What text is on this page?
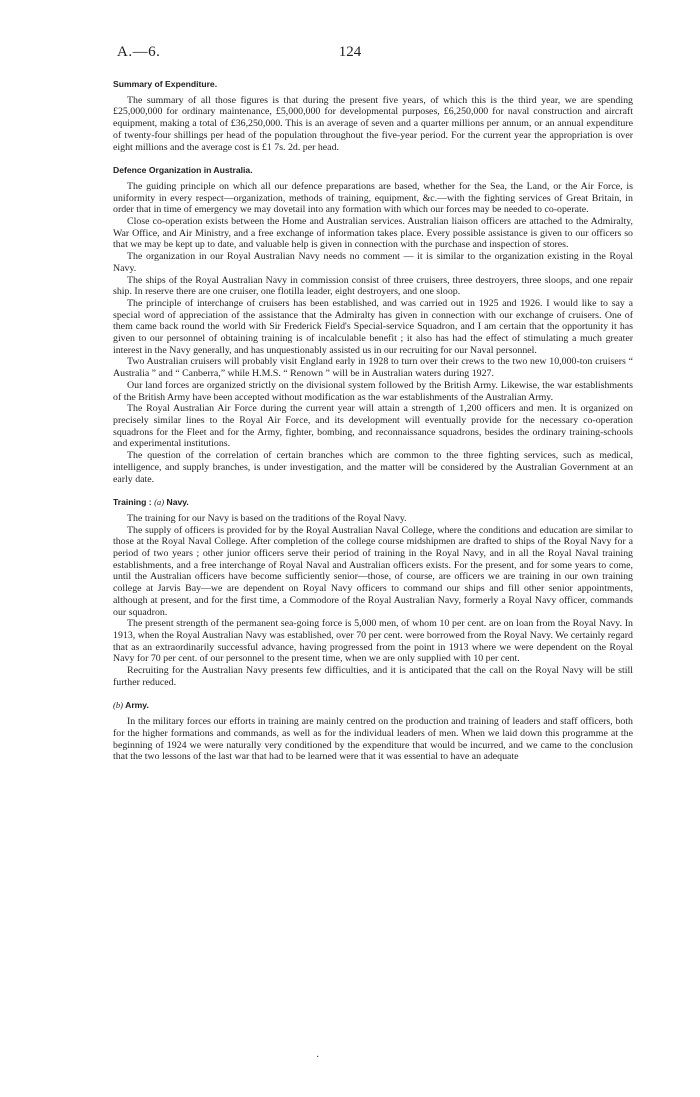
A.—6.	124
Summary of Expenditure.

The summary of all those figures is that during the present five years, of which this is the third year, we are spending £25,000,000 for ordinary maintenance, £5,000,000 for developmental purposes, £6,250,000 for naval construction and aircraft equipment, making a total of £36,250,000. This is an average of seven and a quarter millions per annum, or an annual expenditure of twenty-four shillings per head of the population throughout the five-year period. For the current year the appropriation is over eight millions and the average cost is £1 7s. 2d. per head.

Defence Organization in Australia.

The guiding principle on which all our defence preparations are based, whether for the Sea, the Land, or the Air Force, is uniformity in every respect—organization, methods of training, equipment, &c.—with the fighting services of Great Britain, in order that in time of emergency we may dovetail into any formation with which our forces may be needed to co-operate.

Close co-operation exists between the Home and Australian services. Australian liaison officers are attached to the Admiralty, War Office, and Air Ministry, and a free exchange of information takes place. Every possible assistance is given to our officers so that we may be kept up to date, and valuable help is given in connection with the purchase and inspection of stores.

The organization in our Royal Australian Navy needs no comment — it is similar to the organization existing in the Royal Navy.

The ships of the Royal Australian Navy in commission consist of three cruisers, three destroyers, three sloops, and one repair ship. In reserve there are one cruiser, one flotilla leader, eight destroyers, and one sloop.

The principle of interchange of cruisers has been established, and was carried out in 1925 and 1926. I would like to say a special word of appreciation of the assistance that the Admiralty has given in connection with our exchange of cruisers. One of them came back round the world with Sir Frederick Field's Special-service Squadron, and I am certain that the opportunity it has given to our personnel of obtaining training is of incalculable benefit ; it also has had the effect of stimulating a much greater interest in the Navy generally, and has unquestionably assisted us in our recruiting for our Naval personnel.

Two Australian cruisers will probably visit England early in 1928 to turn over their crews to the two new 10,000-ton cruisers “ Australia ” and “ Canberra,” while H.M.S. “ Renown ” will be in Australian waters during 1927.

Our land forces are organized strictly on the divisional system followed by the British Army. Likewise, the war establishments of the British Army have been accepted without modification as the war establishments of the Australian Army.

The Royal Australian Air Force during the current year will attain a strength of 1,200 officers and men. It is organized on precisely similar lines to the Royal Air Force, and its development will eventually provide for the necessary co-operation squadrons for the Fleet and for the Army, fighter, bombing, and reconnaissance squadrons, besides the ordinary training-schools and experimental institutions.

The question of the correlation of certain branches which are common to the three fighting services, such as medical, intelligence, and supply branches, is under investigation, and the matter will be considered by the Australian Government at an early date.

Training : (a) Navy.

The training for our Navy is based on the traditions of the Royal Navy.

The supply of officers is provided for by the Royal Australian Naval College, where the conditions and education are similar to those at the Royal Naval College. After completion of the college course midshipmen are drafted to ships of the Royal Navy for a period of two years ; other junior officers serve their period of training in the Royal Navy, and in all the Royal Naval training establishments, and a free interchange of Royal Naval and Australian officers exists. For the present, and for some years to come, until the Australian officers have become sufficiently senior—those, of course, are officers we are training in our own training college at Jarvis Bay—we are dependent on Royal Navy officers to command our ships and fill other senior appointments, although at present, and for the first time, a Commodore of the Royal Australian Navy, formerly a Royal Navy officer, commands our squadron.

The present strength of the permanent sea-going force is 5,000 men, of whom 10 per cent. are on loan from the Royal Navy. In 1913, when the Royal Australian Navy was established, over 70 per cent. were borrowed from the Royal Navy. We certainly regard that as an extraordinarily successful advance, having progressed from the point in 1913 where we were dependent on the Royal Navy for 70 per cent. of our personnel to the present time, when we are only supplied with 10 per cent.

Recruiting for the Australian Navy presents few difficulties, and it is anticipated that the call on the Royal Navy will be still further reduced.

(b) Army.

In the military forces our efforts in training are mainly centred on the production and training of leaders and staff officers, both for the higher formations and commands, as well as for the individual leaders of men. When we laid down this programme at the beginning of 1924 we were naturally very conditioned by the expenditure that would be incurred, and we came to the conclusion that the two lessons of the last war that had to be learned were that it was essential to have an adequate

·
